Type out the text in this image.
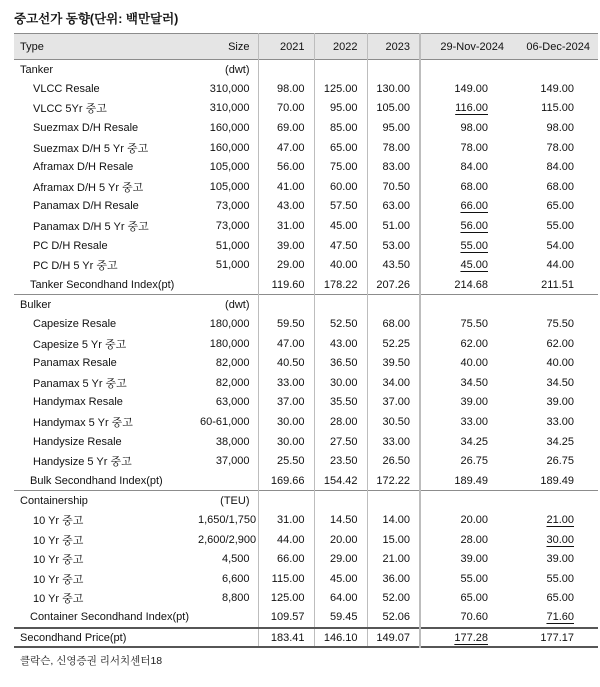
중고선가 동향(단위: 백만달러)
Type	Size	2021	2022	2023	29-Nov-2024	06-Dec-2024
Tanker	(dwt)					
VLCC Resale	310,000	98.00	125.00	130.00	149.00	149.00
VLCC 5Yr 중고	310,000	70.00	95.00	105.00	116.00	115.00
Suezmax D/H Resale	160,000	69.00	85.00	95.00	98.00	98.00
Suezmax D/H 5 Yr 중고	160,000	47.00	65.00	78.00	78.00	78.00
Aframax D/H Resale	105,000	56.00	75.00	83.00	84.00	84.00
Aframax D/H 5 Yr 중고	105,000	41.00	60.00	70.50	68.00	68.00
Panamax D/H Resale	73,000	43.00	57.50	63.00	66.00	65.00
Panamax D/H 5 Yr 중고	73,000	31.00	45.00	51.00	56.00	55.00
PC D/H Resale	51,000	39.00	47.50	53.00	55.00	54.00
PC D/H 5 Yr 중고	51,000	29.00	40.00	43.50	45.00	44.00
Tanker Secondhand Index(pt)		119.60	178.22	207.26	214.68	211.51
Bulker	(dwt)					
Capesize Resale	180,000	59.50	52.50	68.00	75.50	75.50
Capesize 5 Yr 중고	180,000	47.00	43.00	52.25	62.00	62.00
Panamax Resale	82,000	40.50	36.50	39.50	40.00	40.00
Panamax 5 Yr 중고	82,000	33.00	30.00	34.00	34.50	34.50
Handymax Resale	63,000	37.00	35.50	37.00	39.00	39.00
Handymax 5 Yr 중고	60-61,000	30.00	28.00	30.50	33.00	33.00
Handysize Resale	38,000	30.00	27.50	33.00	34.25	34.25
Handysize 5 Yr 중고	37,000	25.50	23.50	26.50	26.75	26.75
Bulk Secondhand Index(pt)		169.66	154.42	172.22	189.49	189.49
Containership	(TEU)					
10 Yr 중고	1,650/1,750	31.00	14.50	14.00	20.00	21.00
10 Yr 중고	2,600/2,900	44.00	20.00	15.00	28.00	30.00
10 Yr 중고	4,500	66.00	29.00	21.00	39.00	39.00
10 Yr 중고	6,600	115.00	45.00	36.00	55.00	55.00
10 Yr 중고	8,800	125.00	64.00	52.00	65.00	65.00
Container Secondhand Index(pt)		109.57	59.45	52.06	70.60	71.60
Secondhand Price(pt)		183.41	146.10	149.07	177.28	177.17
클락슨, 신영증권 리서치센터18
